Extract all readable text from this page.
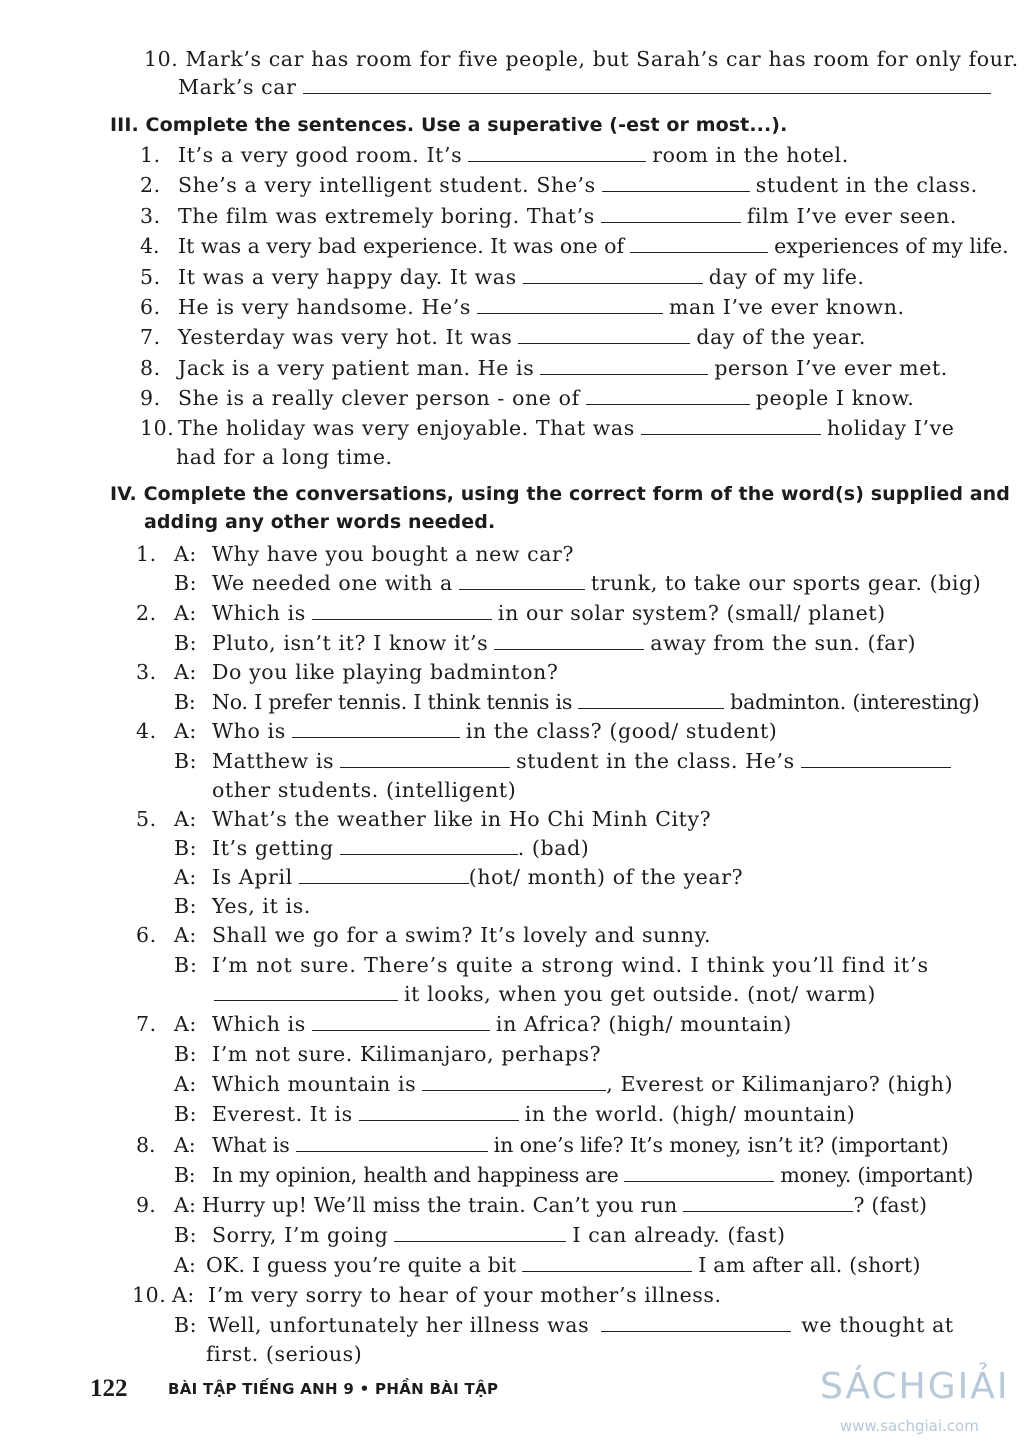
10. Mark’s car has room for five people, but Sarah’s car has room for only four.
Mark’s car
III. Complete the sentences. Use a superative (-est or most...).
1. It’s a very good room. It’s	room in the hotel.
2. She’s a very intelligent student. She’s	student in the class.
3. The film was extremely boring. That’s	film I’ve ever seen.
4. It was a very bad experience. It was one of	experiences of my life.
5. It was a very happy day. It was	day of my life.
6. He is very handsome. He’s	man I’ve ever known.
7. Yesterday was very hot. It was	day of the year.
8. Jack is a very patient man. He is	person I’ve ever met.
9. She is a really clever person - one of	people I know.
10. The holiday was very enjoyable. That was	holiday I’ve
had for a long time.
IV. Complete the conversations, using the correct form of the word(s) supplied and
adding any other words needed.
1. A: Why have you bought a new car?
B: We needed one with a	trunk, to take our sports gear. (big)
2. A: Which is	in our solar system? (small/ planet)
B: Pluto, isn’t it? I know it’s	away from the sun. (far)
3. A: Do you like playing badminton?
B: No. I prefer tennis. I think tennis is	badminton. (interesting)
4. A: Who is	in the class? (good/ student)
B: Matthew is	student in the class. He’s
other students. (intelligent)
5. A: What’s the weather like in Ho Chi Minh City?
B: It’s getting	. (bad)
A: Is April	(hot/ month) of the year?
B: Yes, it is.
6. A: Shall we go for a swim? It’s lovely and sunny.
B: I’m not sure. There’s quite a strong wind. I think you’ll find it’s
it looks, when you get outside. (not/ warm)
7. A: Which is	in Africa? (high/ mountain)
B: I’m not sure. Kilimanjaro, perhaps?
A: Which mountain is	, Everest or Kilimanjaro? (high)
B: Everest. It is	in the world. (high/ mountain)
8. A: What is	in one’s life? It’s money, isn’t it? (important)
B: In my opinion, health and happiness are	money. (important)
9. A: Hurry up! We’ll miss the train. Can’t you run	? (fast)
B: Sorry, I’m going	I can already. (fast)
A: OK. I guess you’re quite a bit	I am after all. (short)
10. A: I’m very sorry to hear of your mother’s illness.
B: Well, unfortunately her illness was	we thought at
first. (serious)
122	BÀI TẬP TIẾNG ANH 9 • PHẦN BÀI TẬP	SÁCHGIẢI
www.sachgiai.com
